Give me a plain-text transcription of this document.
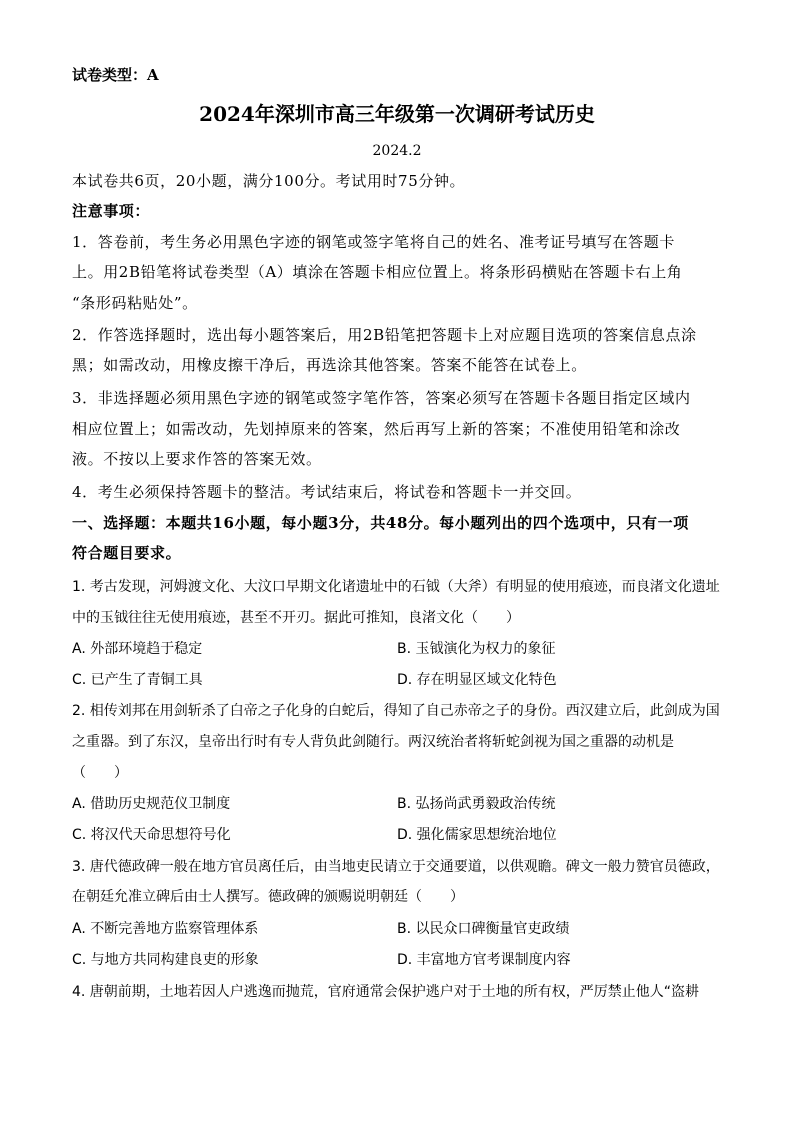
试卷类型：A
2024年深圳市高三年级第一次调研考试历史
2024.2
本试卷共6页，20小题，满分100分。考试用时75分钟。
注意事项：
1．答卷前，考生务必用黑色字迹的钢笔或签字笔将自己的姓名、准考证号填写在答题卡
上。用2B铅笔将试卷类型（A）填涂在答题卡相应位置上。将条形码横贴在答题卡右上角
“条形码粘贴处”。
2．作答选择题时，选出每小题答案后，用2B铅笔把答题卡上对应题目选项的答案信息点涂
黑；如需改动，用橡皮擦干净后，再选涂其他答案。答案不能答在试卷上。
3．非选择题必须用黑色字迹的钢笔或签字笔作答，答案必须写在答题卡各题目指定区域内
相应位置上；如需改动，先划掉原来的答案，然后再写上新的答案；不准使用铅笔和涂改
液。不按以上要求作答的答案无效。
4．考生必须保持答题卡的整洁。考试结束后，将试卷和答题卡一并交回。
一、选择题：本题共16小题，每小题3分，共48分。每小题列出的四个选项中，只有一项
符合题目要求。
1. 考古发现，河姆渡文化、大汶口早期文化诸遗址中的石钺（大斧）有明显的使用痕迹，而良渚文化遗址
中的玉钺往往无使用痕迹，甚至不开刃。据此可推知，良渚文化（　　）
A. 外部环境趋于稳定	B. 玉钺演化为权力的象征
C. 已产生了青铜工具	D. 存在明显区域文化特色
2. 相传刘邦在用剑斩杀了白帝之子化身的白蛇后，得知了自己赤帝之子的身份。西汉建立后，此剑成为国
之重器。到了东汉，皇帝出行时有专人背负此剑随行。两汉统治者将斩蛇剑视为国之重器的动机是
（　　）
A. 借助历史规范仪卫制度	B. 弘扬尚武勇毅政治传统
C. 将汉代天命思想符号化	D. 强化儒家思想统治地位
3. 唐代德政碑一般在地方官员离任后，由当地吏民请立于交通要道，以供观瞻。碑文一般力赞官员德政，
在朝廷允准立碑后由士人撰写。德政碑的颁赐说明朝廷（　　）
A. 不断完善地方监察管理体系	B. 以民众口碑衡量官吏政绩
C. 与地方共同构建良吏的形象	D. 丰富地方官考课制度内容
4. 唐朝前期，土地若因人户逃逸而抛荒，官府通常会保护逃户对于土地的所有权，严厉禁止他人“盗耕
